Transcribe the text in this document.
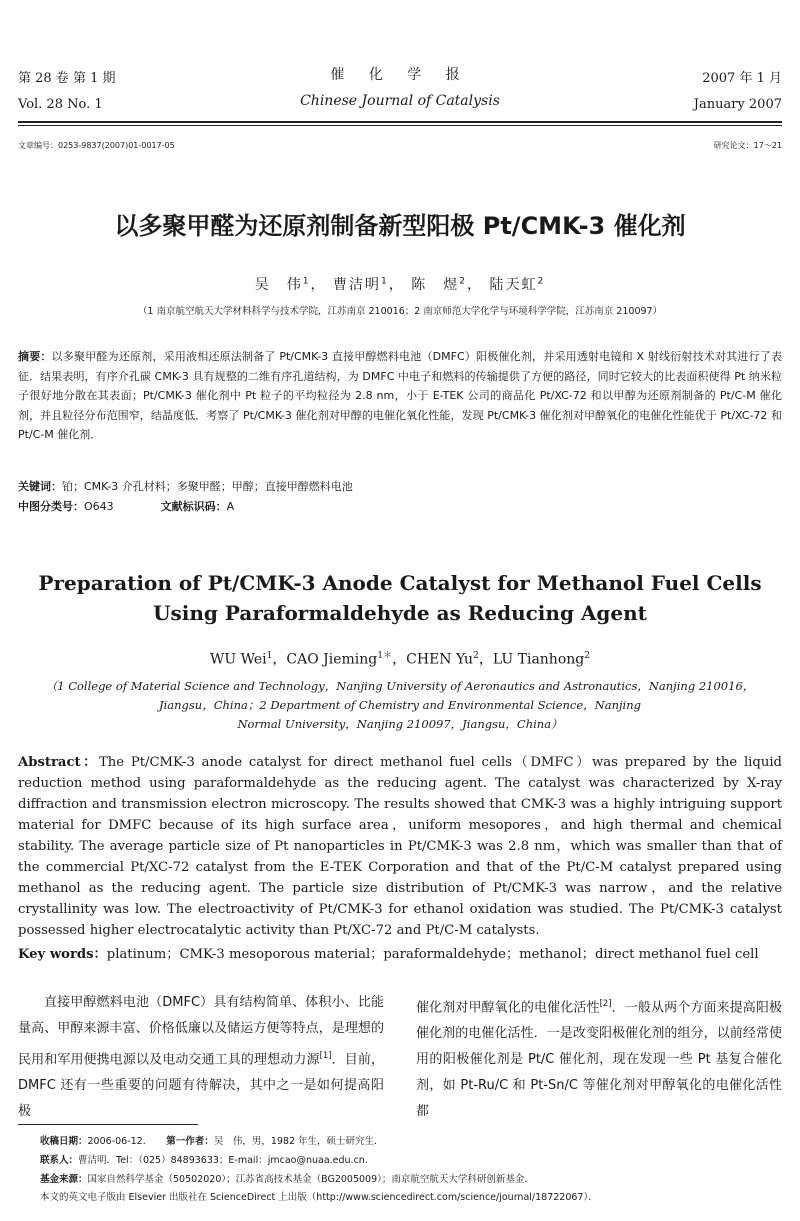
第 28 卷 第 1 期
Vol. 28 No. 1
催 化 学 报
Chinese Journal of Catalysis
2007 年 1 月
January 2007
文章编号：0253-9837(2007)01-0017-05	研究论文：17～21
以多聚甲醛为还原剂制备新型阳极 Pt/CMK-3 催化剂
吴　伟$^1$， 曹洁明$^1$， 陈　煜$^2$， 陆天虹$^2$
（1 南京航空航天大学材料科学与技术学院，江苏南京 210016；2 南京师范大学化学与环境科学学院，江苏南京 210097）
摘要：以多聚甲醛为还原剂，采用液相还原法制备了 Pt/CMK-3 直接甲醇燃料电池（DMFC）阳极催化剂，并采用透射电镜和 X 射线衍射技术对其进行了表征．结果表明，有序介孔碳 CMK-3 具有规整的二维有序孔道结构，为 DMFC 中电子和燃料的传输提供了方便的路径，同时它较大的比表面积使得 Pt 纳米粒子很好地分散在其表面；Pt/CMK-3 催化剂中 Pt 粒子的平均粒径为 2.8 nm，小于 E-TEK 公司的商品化 Pt/XC-72 和以甲醇为还原剂制备的 Pt/C-M 催化剂，并且粒径分布范围窄，结晶度低．考察了 Pt/CMK-3 催化剂对甲醇的电催化氧化性能，发现 Pt/CMK-3 催化剂对甲醇氧化的电催化性能优于 Pt/XC-72 和 Pt/C-M 催化剂．
关键词：铂；CMK-3 介孔材料；多聚甲醛；甲醇；直接甲醇燃料电池
中图分类号：O643	文献标识码：A
Preparation of Pt/CMK-3 Anode Catalyst for Methanol Fuel Cells
Using Paraformaldehyde as Reducing Agent
WU Wei$^1$，CAO Jieming$^{1*}$，CHEN Yu$^2$，LU Tianhong$^2$
（1 College of Material Science and Technology，Nanjing University of Aeronautics and Astronautics，Nanjing 210016，
Jiangsu，China；2 Department of Chemistry and Environmental Science，Nanjing
Normal University，Nanjing 210097，Jiangsu，China）
Abstract：The Pt/CMK-3 anode catalyst for direct methanol fuel cells（DMFC）was prepared by the liquid reduction method using paraformaldehyde as the reducing agent. The catalyst was characterized by X-ray diffraction and transmission electron microscopy. The results showed that CMK-3 was a highly intriguing support material for DMFC because of its high surface area，uniform mesopores，and high thermal and chemical stability. The average particle size of Pt nanoparticles in Pt/CMK-3 was 2.8 nm，which was smaller than that of the commercial Pt/XC-72 catalyst from the E-TEK Corporation and that of the Pt/C-M catalyst prepared using methanol as the reducing agent. The particle size distribution of Pt/CMK-3 was narrow，and the relative crystallinity was low. The electroactivity of Pt/CMK-3 for ethanol oxidation was studied. The Pt/CMK-3 catalyst possessed higher electrocatalytic activity than Pt/XC-72 and Pt/C-M catalysts.
Key words：platinum；CMK-3 mesoporous material；paraformaldehyde；methanol；direct methanol fuel cell
直接甲醇燃料电池（DMFC）具有结构简单、体积小、比能量高、甲醇来源丰富、价格低廉以及储运方便等特点，是理想的民用和军用便携电源以及电动交通工具的理想动力源[1]．目前，DMFC 还有一些重要的问题有待解决，其中之一是如何提高阳极
催化剂对甲醇氧化的电催化活性[2]．一般从两个方面来提高阳极催化剂的电催化活性．一是改变阳极催化剂的组分，以前经常使用的阳极催化剂是 Pt/C 催化剂，现在发现一些 Pt 基复合催化剂，如 Pt-Ru/C 和 Pt-Sn/C 等催化剂对甲醇氧化的电催化活性都
收稿日期：2006-06-12． 第一作者：吴　伟，男，1982 年生，硕士研究生．
联系人：曹洁明．Tel：（025）84893633；E-mail：jmcao@nuaa.edu.cn．
基金来源：国家自然科学基金（50502020）；江苏省高技术基金（BG2005009）；南京航空航天大学科研创新基金．
本文的英文电子版由 Elsevier 出版社在 ScienceDirect 上出版（http://www.sciencedirect.com/science/journal/18722067）．
